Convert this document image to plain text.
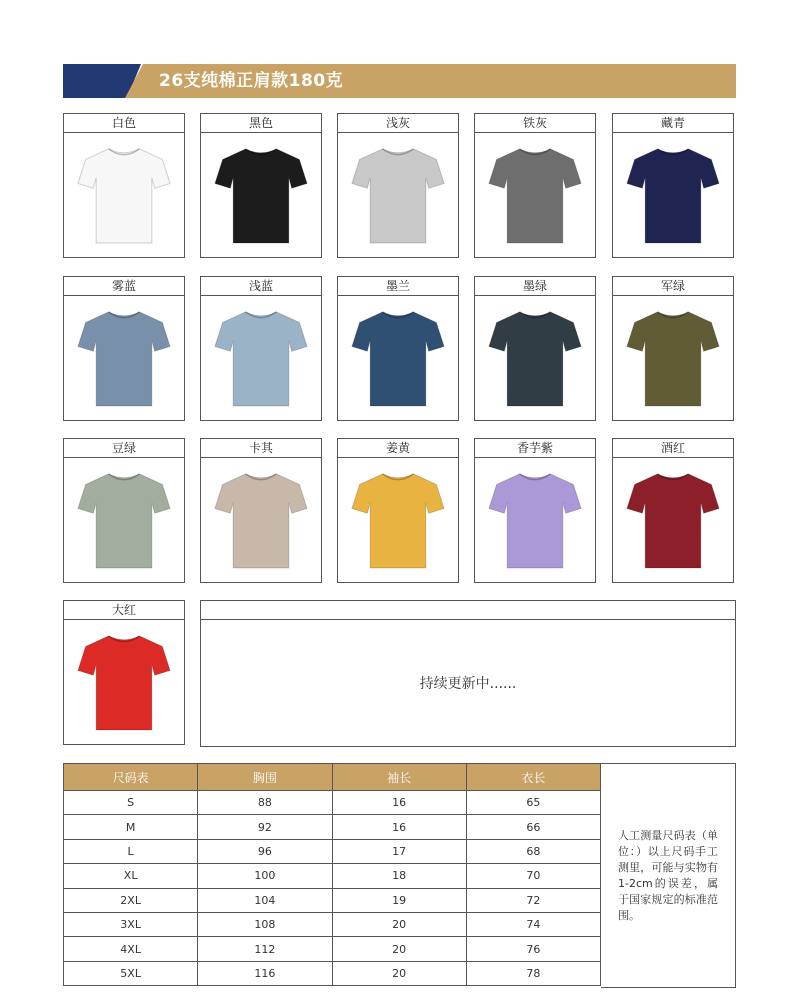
26支纯棉正肩款180克
白色	黑色	浅灰	铁灰	藏青
雾蓝	浅蓝	墨兰	墨绿	军绿
豆绿	卡其	姜黄	香芋紫	酒红
大红
持续更新中......
尺码表	胸围	袖长	衣长
S	88	16	65
M	92	16	66
L	96	17	68
XL	100	18	70
2XL	104	19	72
3XL	108	20	74
4XL	112	20	76
5XL	116	20	78
人工测量尺码表（单位：）以上尺码手工测里，可能与实物有1-2cm的误差，属于国家规定的标准范围。
